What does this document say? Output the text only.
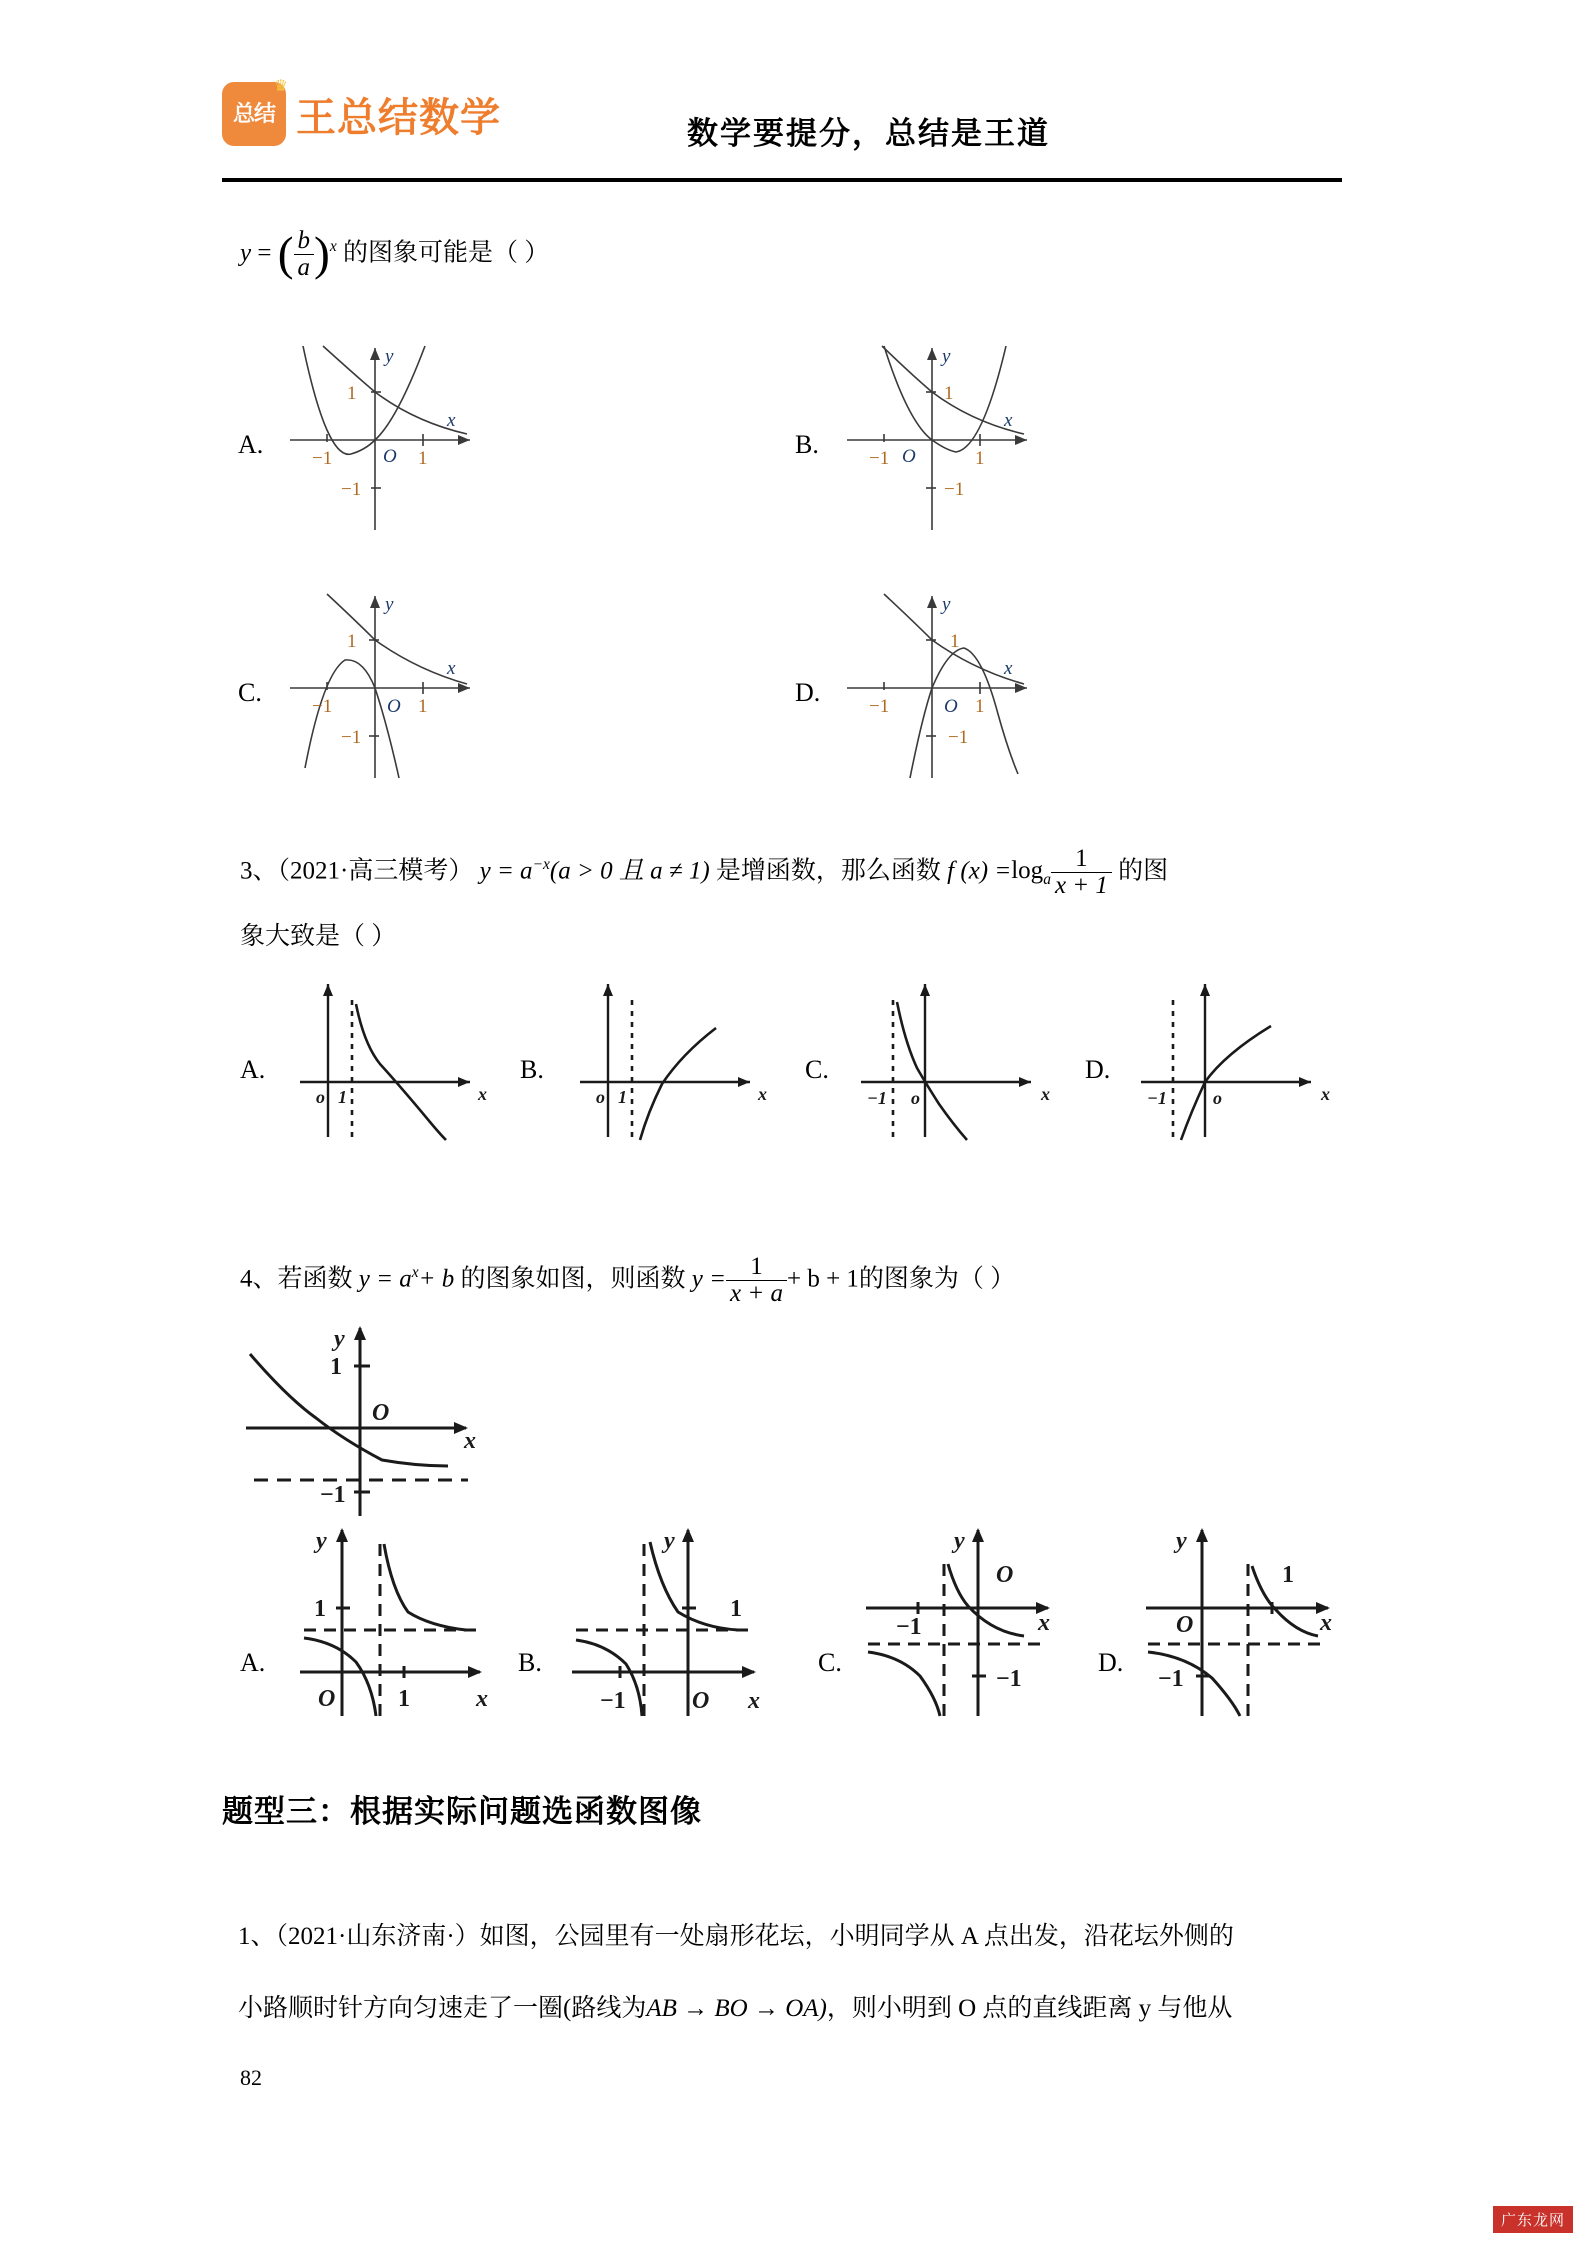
♛
总结 王总结数学	数学要提分，总结是王道
y = ( $\frac{b}{a} )^x$ 的图象可能是（ ）
A.
x
y
O
−1	1
1
−1
B.
x
y
O
−1	1
1
−1
C.
x
y
O
−1	1
1
−1
D.
x
y
O
−1	1
1
−1
3、（2021·高三模考） $y = a^{-x}(a > 0$ 且 a ≠ 1) 是增函数，那么函数 f $(x) =\log_a \frac{1}{x + 1}$ 的图
象大致是（ ）
A.
o 1	x
B.
o 1	x
C.
−1 o	x
D.
−1	o	x
4、若函数 $y = a^x+ b$ 的图象如图，则函数 $y = \frac{1}{x + a} + b + 1$的图象为（ ）
y
O
x
1
−1
A.
y
O	x
1
1
B.
y
O x
1
−1
C.
y
O
x
−1
−1
D.
y
O	x
1
−1
题型三：根据实际问题选函数图像
1、（2021·山东济南·）如图，公园里有一处扇形花坛，小明同学从 A 点出发，沿花坛外侧的
小路顺时针方向匀速走了一圈(路线为AB → BO → OA)，则小明到 O 点的直线距离 y 与他从
82
广东龙网
